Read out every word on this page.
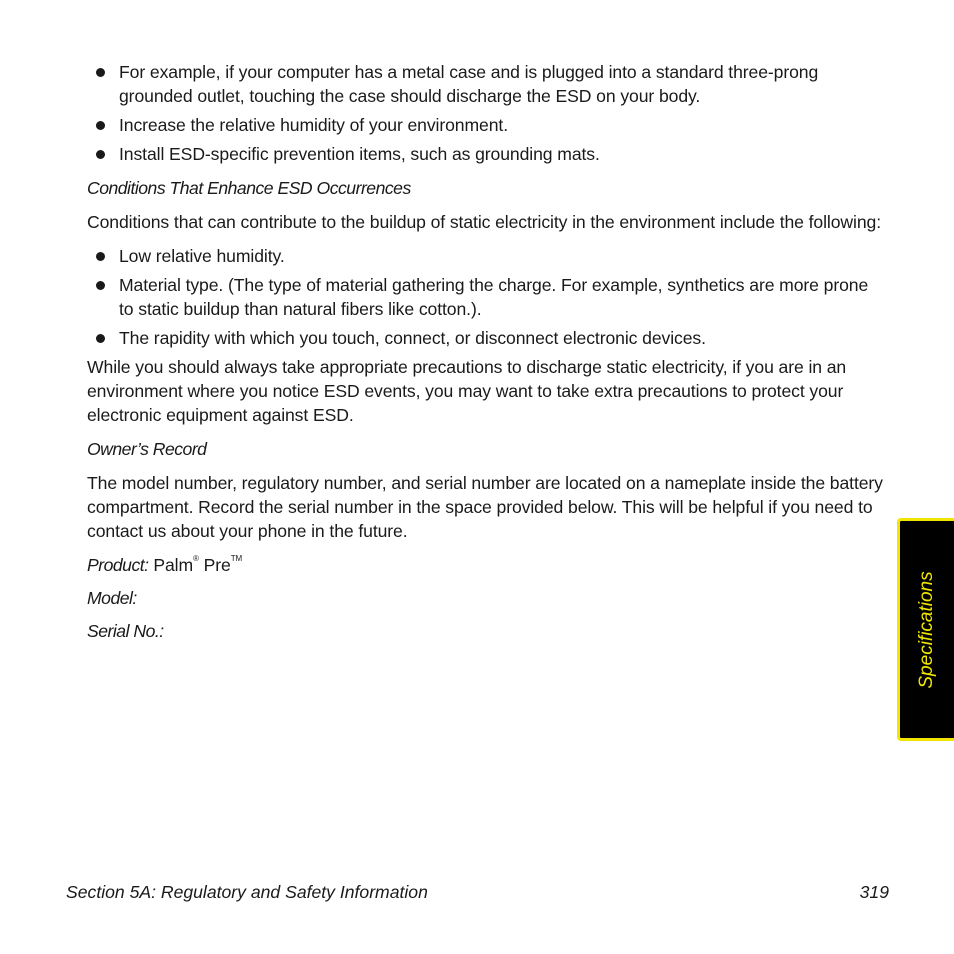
For example, if your computer has a metal case and is plugged into a standard three-prong grounded outlet, touching the case should discharge the ESD on your body.
Increase the relative humidity of your environment.
Install ESD-specific prevention items, such as grounding mats.
Conditions That Enhance ESD Occurrences

Conditions that can contribute to the buildup of static electricity in the environment include the following:

Low relative humidity.
Material type. (The type of material gathering the charge. For example, synthetics are more prone to static buildup than natural fibers like cotton.).
The rapidity with which you touch, connect, or disconnect electronic devices.

While you should always take appropriate precautions to discharge static electricity, if you are in an environment where you notice ESD events, you may want to take extra precautions to protect your electronic equipment against ESD.

Owner’s Record

The model number, regulatory number, and serial number are located on a nameplate inside the battery compartment. Record the serial number in the space provided below. This will be helpful if you need to contact us about your phone in the future.

Product: Palm® Pre™
Model:
Serial No.:	Specifications
Section 5A: Regulatory and Safety Information	319
